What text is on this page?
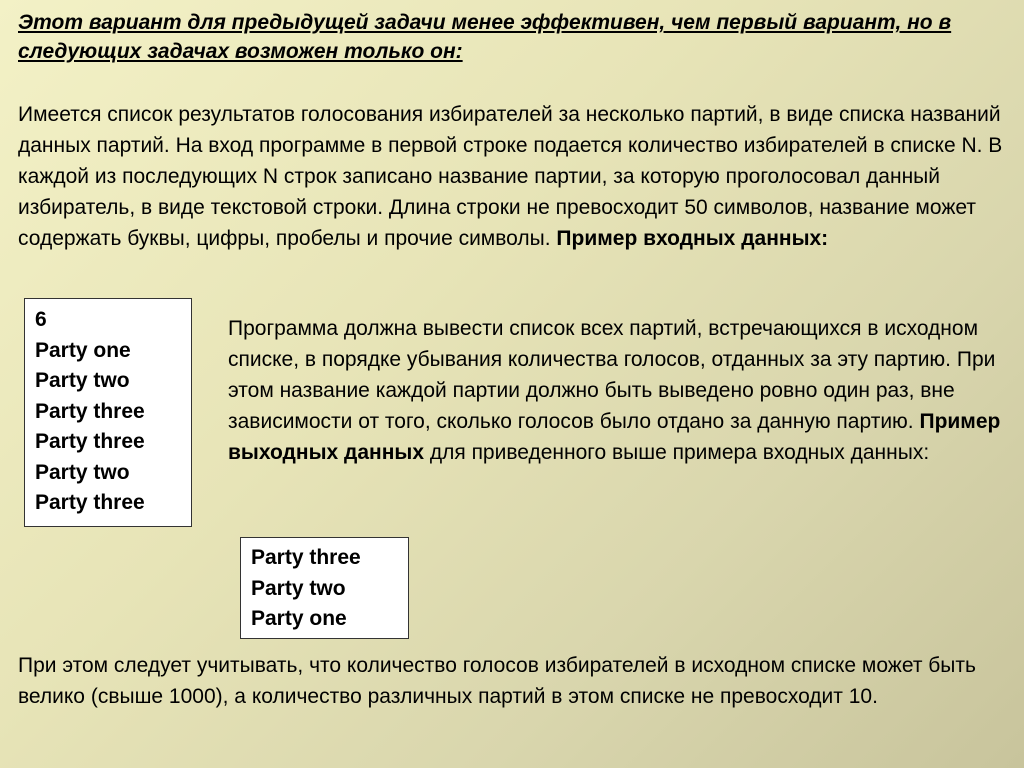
Этот вариант для предыдущей задачи менее эффективен, чем первый вариант, но в следующих задачах возможен только он:

Имеется список результатов голосования избирателей за несколько партий, в виде списка названий данных партий. На вход программе в первой строке подается количество избирателей в списке N. В каждой из последующих N строк записано название партии, за которую проголосовал данный избиратель, в виде текстовой строки. Длина строки не превосходит 50 символов, название может содержать буквы, цифры, пробелы и прочие символы. Пример входных данных:

6
Party one
Party two
Party three
Party three
Party two
Party three

Программа должна вывести список всех партий, встречающихся в исходном списке, в порядке убывания количества голосов, отданных за эту партию. При этом название каждой партии должно быть выведено ровно один раз, вне зависимости от того, сколько голосов было отдано за данную партию. Пример выходных данных для приведенного выше примера входных данных:

Party three
Party two
Party one

При этом следует учитывать, что количество голосов избирателей в исходном списке может быть велико (свыше 1000), а количество различных партий в этом списке не превосходит 10.
